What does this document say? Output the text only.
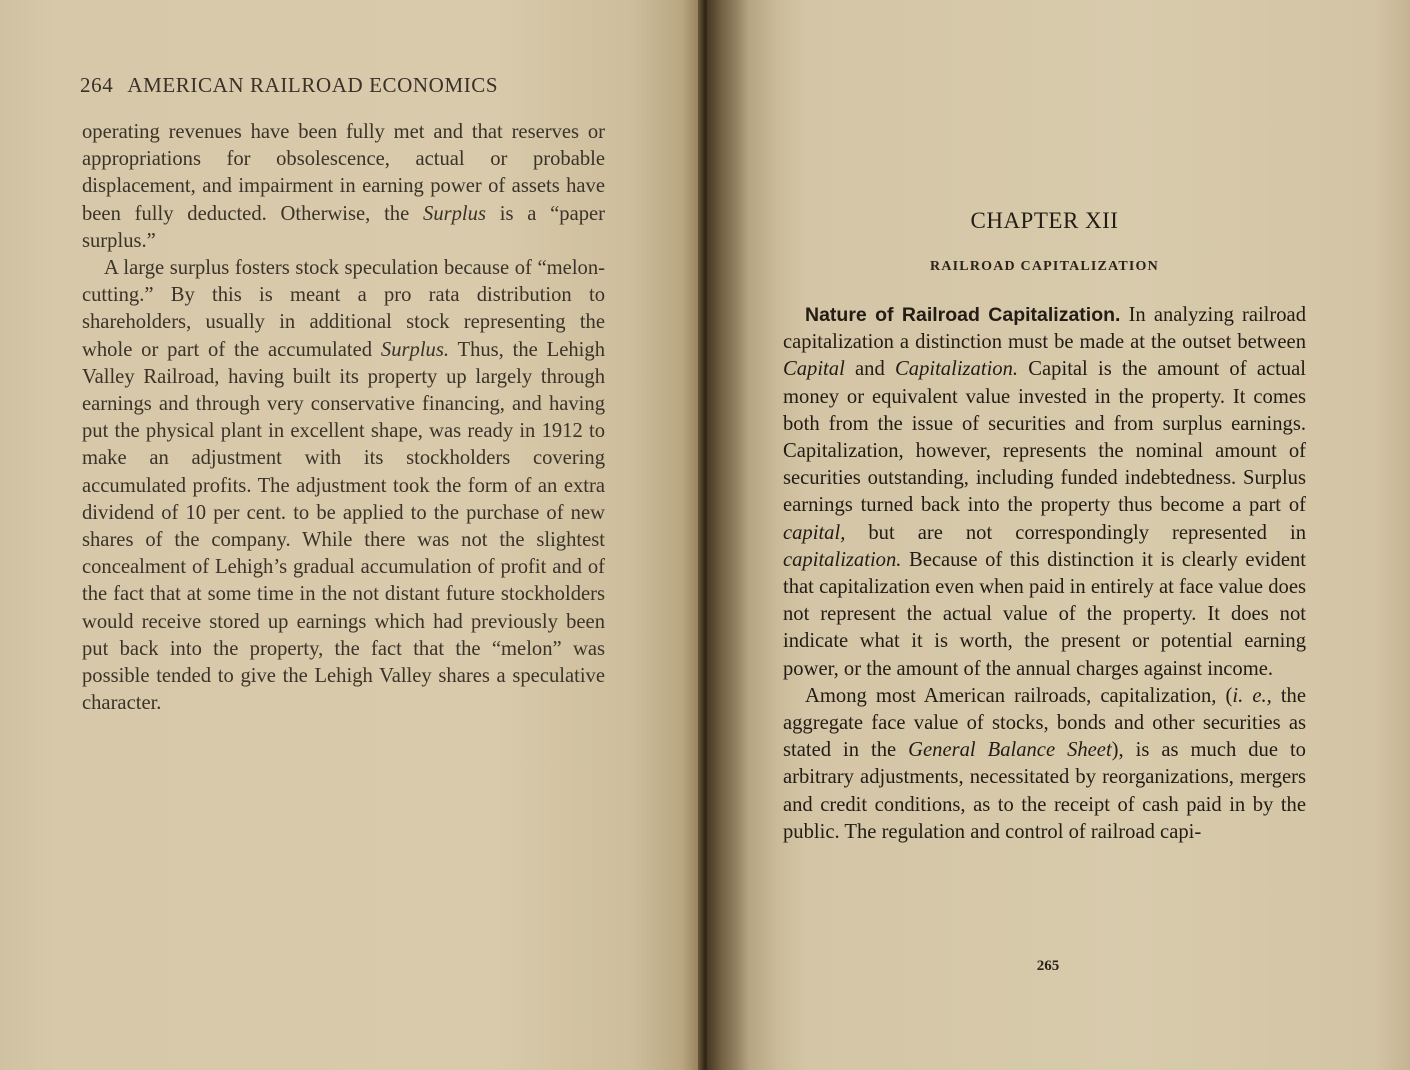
264 AMERICAN RAILROAD ECONOMICS

operating revenues have been fully met and that reserves or appropriations for obsolescence, actual or probable displacement, and impairment in earning power of assets have been fully deducted. Otherwise, the Surplus is a “paper surplus.”

A large surplus fosters stock speculation because of “melon-cutting.” By this is meant a pro rata distribution to shareholders, usually in additional stock representing the whole or part of the accumulated Surplus. Thus, the Lehigh Valley Railroad, having built its property up largely through earnings and through very conservative financing, and having put the physical plant in excellent shape, was ready in 1912 to make an adjustment with its stockholders covering accumulated profits. The adjustment took the form of an extra dividend of 10 per cent. to be applied to the purchase of new shares of the company. While there was not the slightest concealment of Lehigh’s gradual accumulation of profit and of the fact that at some time in the not distant future stockholders would receive stored up earnings which had previously been put back into the property, the fact that the “melon” was possible tended to give the Lehigh Valley shares a speculative character.

CHAPTER XII
RAILROAD CAPITALIZATION

Nature of Railroad Capitalization. In analyzing railroad capitalization a distinction must be made at the outset between Capital and Capitalization. Capital is the amount of actual money or equivalent value invested in the property. It comes both from the issue of securities and from surplus earnings. Capitalization, however, represents the nominal amount of securities outstanding, including funded indebtedness. Surplus earnings turned back into the property thus become a part of capital, but are not correspondingly represented in capitalization. Because of this distinction it is clearly evident that capitalization even when paid in entirely at face value does not represent the actual value of the property. It does not indicate what it is worth, the present or potential earning power, or the amount of the annual charges against income.

Among most American railroads, capitalization, (i. e., the aggregate face value of stocks, bonds and other securities as stated in the General Balance Sheet), is as much due to arbitrary adjustments, necessitated by reorganizations, mergers and credit conditions, as to the receipt of cash paid in by the public. The regulation and control of railroad capi-

265
